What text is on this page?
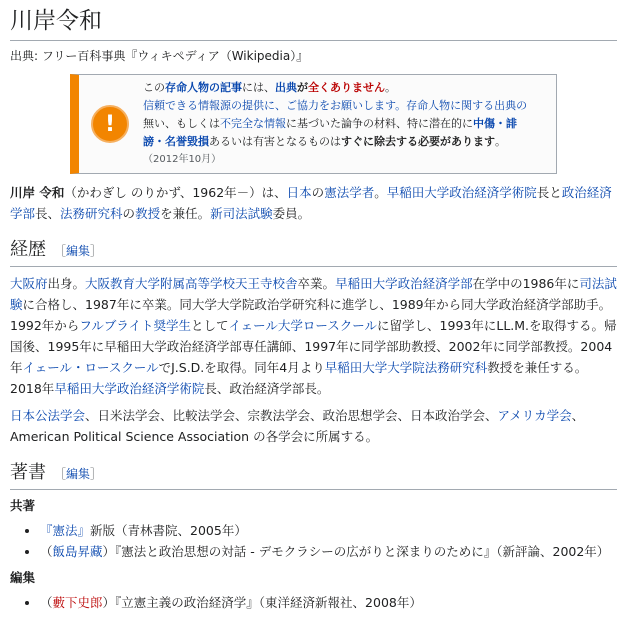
川岸令和
出典: フリー百科事典『ウィキペディア（Wikipedia）』
!
この存命人物の記事には、出典が全くありません。
信頼できる情報源の提供に、ご協力をお願いします。存命人物に関する出典の
無い、もしくは不完全な情報に基づいた論争の材料、特に潜在的に中傷・誹
謗・名誉毀損あるいは有害となるものはすぐに除去する必要があります。
（2012年10月）

川岸 令和（かわぎし のりかず、1962年－）は、日本の憲法学者。早稲田大学政治経済学術院長と政治経済学部長、法務研究科の教授を兼任。新司法試験委員。

経歴 ［編集］

大阪府出身。大阪教育大学附属高等学校天王寺校舎卒業。早稲田大学政治経済学部在学中の1986年に司法試験に合格し、1987年に卒業。同大学大学院政治学研究科に進学し、1989年から同大学政治経済学部助手。1992年からフルブライト奨学生としてイェール大学ロースクールに留学し、1993年にLL.M.を取得する。帰国後、1995年に早稲田大学政治経済学部専任講師、1997年に同学部助教授、2002年に同学部教授。2004年イェール・ロースクールでJ.S.D.を取得。同年4月より早稲田大学大学院法務研究科教授を兼任する。2018年早稲田大学政治経済学術院長、政治経済学部長。

日本公法学会、日米法学会、比較法学会、宗教法学会、政治思想学会、日本政治学会、アメリカ学会、American Political Science Association の各学会に所属する。

著書 ［編集］
共著
• 『憲法』新版（青林書院、2005年）
• （飯島昇藏）『憲法と政治思想の対話 - デモクラシーの広がりと深まりのために』（新評論、2002年）
編集
• （藪下史郎）『立憲主義の政治経済学』（東洋経済新報社、2008年）
